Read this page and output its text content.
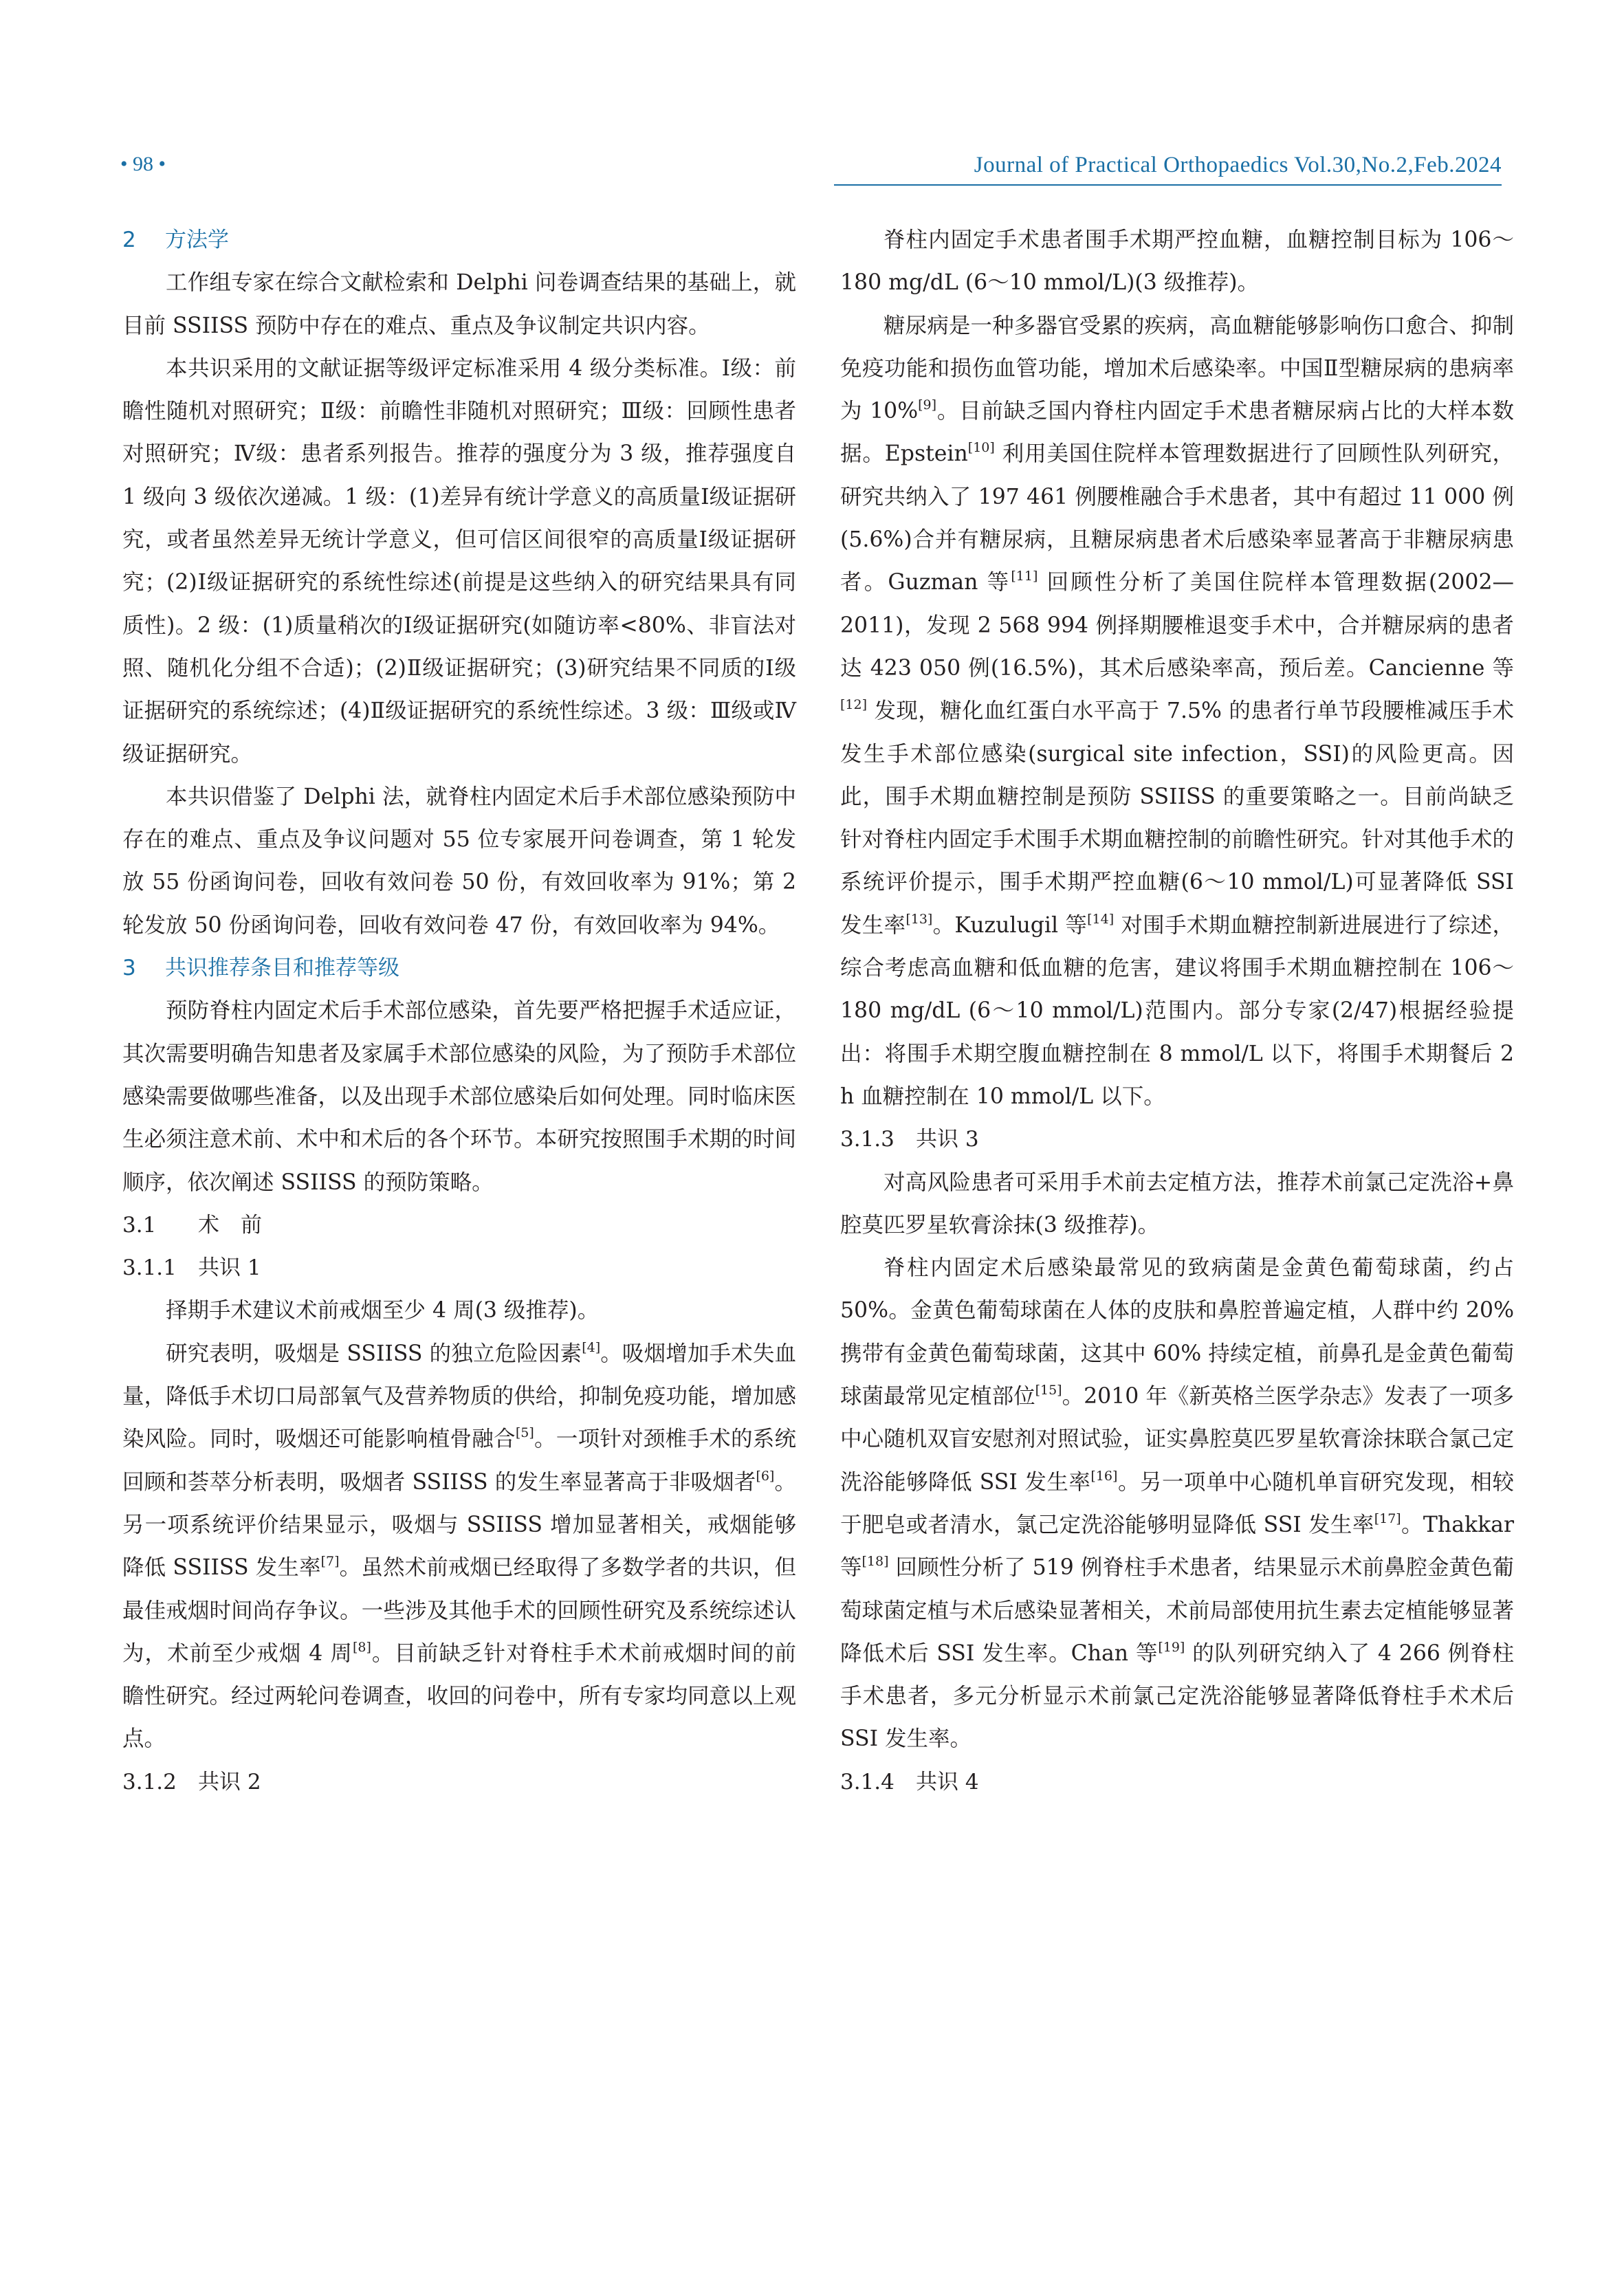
• 98 •	Journal of Practical Orthopaedics Vol.30,No.2,Feb.2024
2 方法学
工作组专家在综合文献检索和 Delphi 问卷调查结果的基础上，就目前 SSIISS 预防中存在的难点、重点及争议制定共识内容。
本共识采用的文献证据等级评定标准采用 4 级分类标准。Ⅰ级：前瞻性随机对照研究；Ⅱ级：前瞻性非随机对照研究；Ⅲ级：回顾性患者对照研究；Ⅳ级：患者系列报告。推荐的强度分为 3 级，推荐强度自 1 级向 3 级依次递减。1 级：(1)差异有统计学意义的高质量Ⅰ级证据研究，或者虽然差异无统计学意义，但可信区间很窄的高质量Ⅰ级证据研究；(2)Ⅰ级证据研究的系统性综述(前提是这些纳入的研究结果具有同质性)。2 级：(1)质量稍次的Ⅰ级证据研究(如随访率<80%、非盲法对照、随机化分组不合适)；(2)Ⅱ级证据研究；(3)研究结果不同质的Ⅰ级证据研究的系统综述；(4)Ⅱ级证据研究的系统性综述。3 级：Ⅲ级或Ⅳ级证据研究。
本共识借鉴了 Delphi 法，就脊柱内固定术后手术部位感染预防中存在的难点、重点及争议问题对 55 位专家展开问卷调查，第 1 轮发放 55 份函询问卷，回收有效问卷 50 份，有效回收率为 91%；第 2 轮发放 50 份函询问卷，回收有效问卷 47 份，有效回收率为 94%。
3 共识推荐条目和推荐等级
预防脊柱内固定术后手术部位感染，首先要严格把握手术适应证，其次需要明确告知患者及家属手术部位感染的风险，为了预防手术部位感染需要做哪些准备，以及出现手术部位感染后如何处理。同时临床医生必须注意术前、术中和术后的各个环节。本研究按照围手术期的时间顺序，依次阐述 SSIISS 的预防策略。
3.1 术　前
3.1.1 共识 1
择期手术建议术前戒烟至少 4 周(3 级推荐)。
研究表明，吸烟是 SSIISS 的独立危险因素[4]。吸烟增加手术失血量，降低手术切口局部氧气及营养物质的供给，抑制免疫功能，增加感染风险。同时，吸烟还可能影响植骨融合[5]。一项针对颈椎手术的系统回顾和荟萃分析表明，吸烟者 SSIISS 的发生率显著高于非吸烟者[6]。另一项系统评价结果显示，吸烟与 SSIISS 增加显著相关，戒烟能够降低 SSIISS 发生率[7]。虽然术前戒烟已经取得了多数学者的共识，但最佳戒烟时间尚存争议。一些涉及其他手术的回顾性研究及系统综述认为，术前至少戒烟 4 周[8]。目前缺乏针对脊柱手术术前戒烟时间的前瞻性研究。经过两轮问卷调查，收回的问卷中，所有专家均同意以上观点。
3.1.2 共识 2
脊柱内固定手术患者围手术期严控血糖，血糖控制目标为 106～180 mg/dL (6～10 mmol/L)(3 级推荐)。
糖尿病是一种多器官受累的疾病，高血糖能够影响伤口愈合、抑制免疫功能和损伤血管功能，增加术后感染率。中国Ⅱ型糖尿病的患病率为 10%[9]。目前缺乏国内脊柱内固定手术患者糖尿病占比的大样本数据。Epstein[10] 利用美国住院样本管理数据进行了回顾性队列研究，研究共纳入了 197 461 例腰椎融合手术患者，其中有超过 11 000 例(5.6%)合并有糖尿病，且糖尿病患者术后感染率显著高于非糖尿病患者。Guzman 等[11] 回顾性分析了美国住院样本管理数据(2002—2011)，发现 2 568 994 例择期腰椎退变手术中，合并糖尿病的患者达 423 050 例(16.5%)，其术后感染率高，预后差。Cancienne 等[12] 发现，糖化血红蛋白水平高于 7.5% 的患者行单节段腰椎减压手术发生手术部位感染(surgical site infection，SSI)的风险更高。因此，围手术期血糖控制是预防 SSIISS 的重要策略之一。目前尚缺乏针对脊柱内固定手术围手术期血糖控制的前瞻性研究。针对其他手术的系统评价提示，围手术期严控血糖(6～10 mmol/L)可显著降低 SSI 发生率[13]。Kuzulugil 等[14] 对围手术期血糖控制新进展进行了综述，综合考虑高血糖和低血糖的危害，建议将围手术期血糖控制在 106～180 mg/dL (6～10 mmol/L)范围内。部分专家(2/47)根据经验提出：将围手术期空腹血糖控制在 8 mmol/L 以下，将围手术期餐后 2 h 血糖控制在 10 mmol/L 以下。
3.1.3 共识 3
对高风险患者可采用手术前去定植方法，推荐术前氯己定洗浴+鼻腔莫匹罗星软膏涂抹(3 级推荐)。
脊柱内固定术后感染最常见的致病菌是金黄色葡萄球菌，约占 50%。金黄色葡萄球菌在人体的皮肤和鼻腔普遍定植，人群中约 20% 携带有金黄色葡萄球菌，这其中 60% 持续定植，前鼻孔是金黄色葡萄球菌最常见定植部位[15]。2010 年《新英格兰医学杂志》发表了一项多中心随机双盲安慰剂对照试验，证实鼻腔莫匹罗星软膏涂抹联合氯己定洗浴能够降低 SSI 发生率[16]。另一项单中心随机单盲研究发现，相较于肥皂或者清水，氯己定洗浴能够明显降低 SSI 发生率[17]。Thakkar 等[18] 回顾性分析了 519 例脊柱手术患者，结果显示术前鼻腔金黄色葡萄球菌定植与术后感染显著相关，术前局部使用抗生素去定植能够显著降低术后 SSI 发生率。Chan 等[19] 的队列研究纳入了 4 266 例脊柱手术患者，多元分析显示术前氯己定洗浴能够显著降低脊柱手术术后 SSI 发生率。
3.1.4 共识 4
